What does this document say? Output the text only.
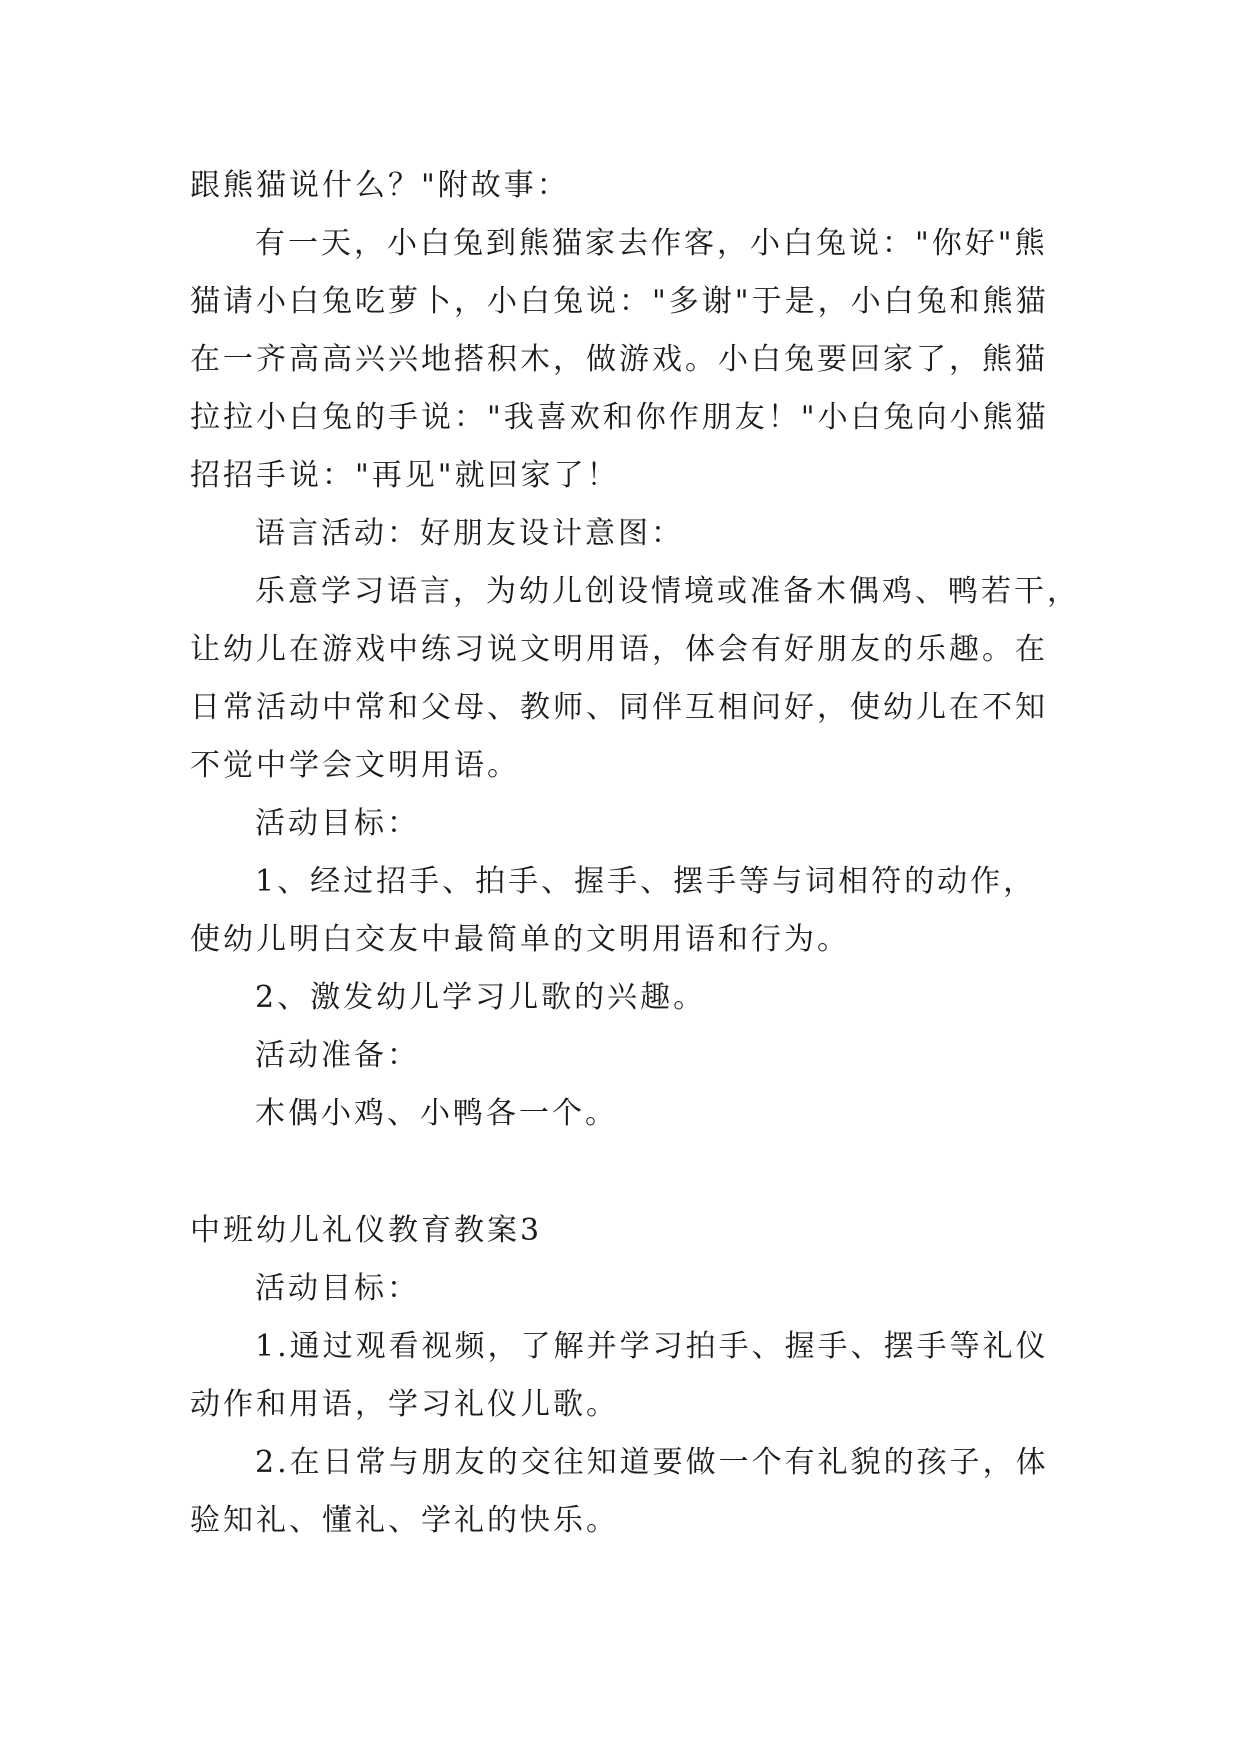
跟熊猫说什么？"附故事：
有一天，小白兔到熊猫家去作客，小白兔说："你好"熊
猫请小白兔吃萝卜，小白兔说："多谢"于是，小白兔和熊猫
在一齐高高兴兴地搭积木，做游戏。小白兔要回家了，熊猫
拉拉小白兔的手说："我喜欢和你作朋友！"小白兔向小熊猫
招招手说："再见"就回家了！
语言活动：好朋友设计意图：
乐意学习语言，为幼儿创设情境或准备木偶鸡、鸭若干，
让幼儿在游戏中练习说文明用语，体会有好朋友的乐趣。在
日常活动中常和父母、教师、同伴互相问好，使幼儿在不知
不觉中学会文明用语。
活动目标：
1、经过招手、拍手、握手、摆手等与词相符的动作，
使幼儿明白交友中最简单的文明用语和行为。
2、激发幼儿学习儿歌的兴趣。
活动准备：
木偶小鸡、小鸭各一个。
中班幼儿礼仪教育教案3
活动目标：
1.通过观看视频，了解并学习拍手、握手、摆手等礼仪
动作和用语，学习礼仪儿歌。
2.在日常与朋友的交往知道要做一个有礼貌的孩子，体
验知礼、懂礼、学礼的快乐。
